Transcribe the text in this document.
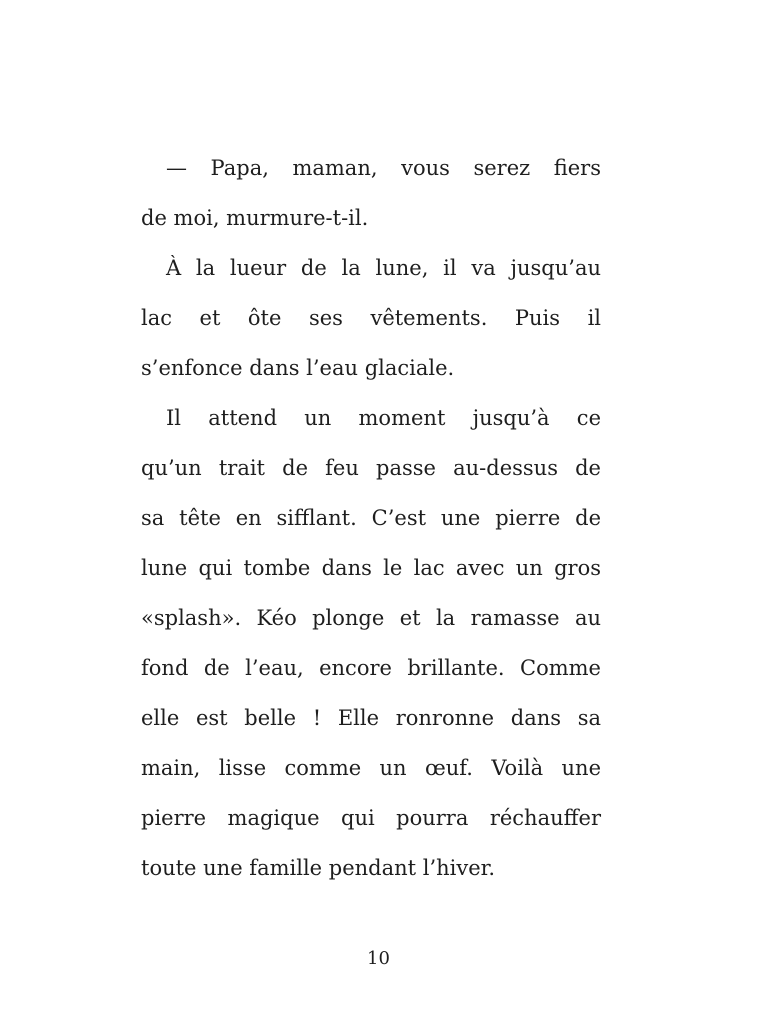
— Papa, maman, vous serez fiers
de moi, murmure-t-il.
À la lueur de la lune, il va jusqu’au
lac et ôte ses vêtements. Puis il
s’enfonce dans l’eau glaciale.
Il attend un moment jusqu’à ce
qu’un trait de feu passe au-dessus de
sa tête en sifflant. C’est une pierre de
lune qui tombe dans le lac avec un gros
«splash». Kéo plonge et la ramasse au
fond de l’eau, encore brillante. Comme
elle est belle ! Elle ronronne dans sa
main, lisse comme un œuf. Voilà une
pierre magique qui pourra réchauffer
toute une famille pendant l’hiver.
10
